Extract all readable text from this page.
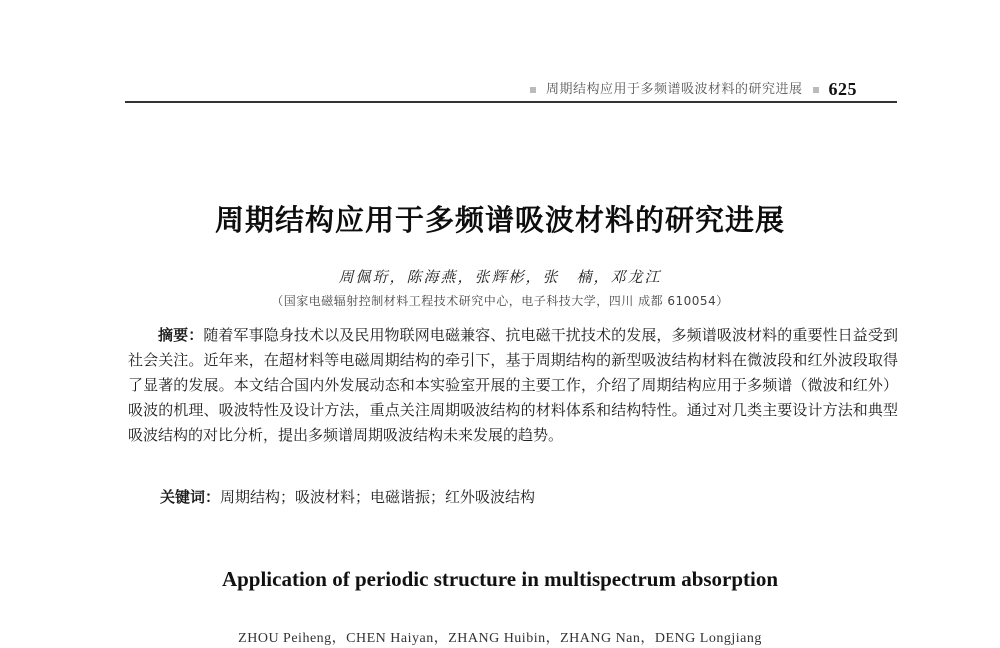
周期结构应用于多频谱吸波材料的研究进展 625
周期结构应用于多频谱吸波材料的研究进展
周佩珩，陈海燕，张辉彬，张　楠，邓龙江
（国家电磁辐射控制材料工程技术研究中心，电子科技大学，四川 成都 610054）
摘要：随着军事隐身技术以及民用物联网电磁兼容、抗电磁干扰技术的发展，多频谱吸波材料的重要性日益受到社会关注。近年来，在超材料等电磁周期结构的牵引下，基于周期结构的新型吸波结构材料在微波段和红外波段取得了显著的发展。本文结合国内外发展动态和本实验室开展的主要工作，介绍了周期结构应用于多频谱（微波和红外）吸波的机理、吸波特性及设计方法，重点关注周期吸波结构的材料体系和结构特性。通过对几类主要设计方法和典型吸波结构的对比分析，提出多频谱周期吸波结构未来发展的趋势。
关键词：周期结构；吸波材料；电磁谐振；红外吸波结构
Application of periodic structure in multispectrum absorption
ZHOU Peiheng，CHEN Haiyan，ZHANG Huibin，ZHANG Nan，DENG Longjiang
